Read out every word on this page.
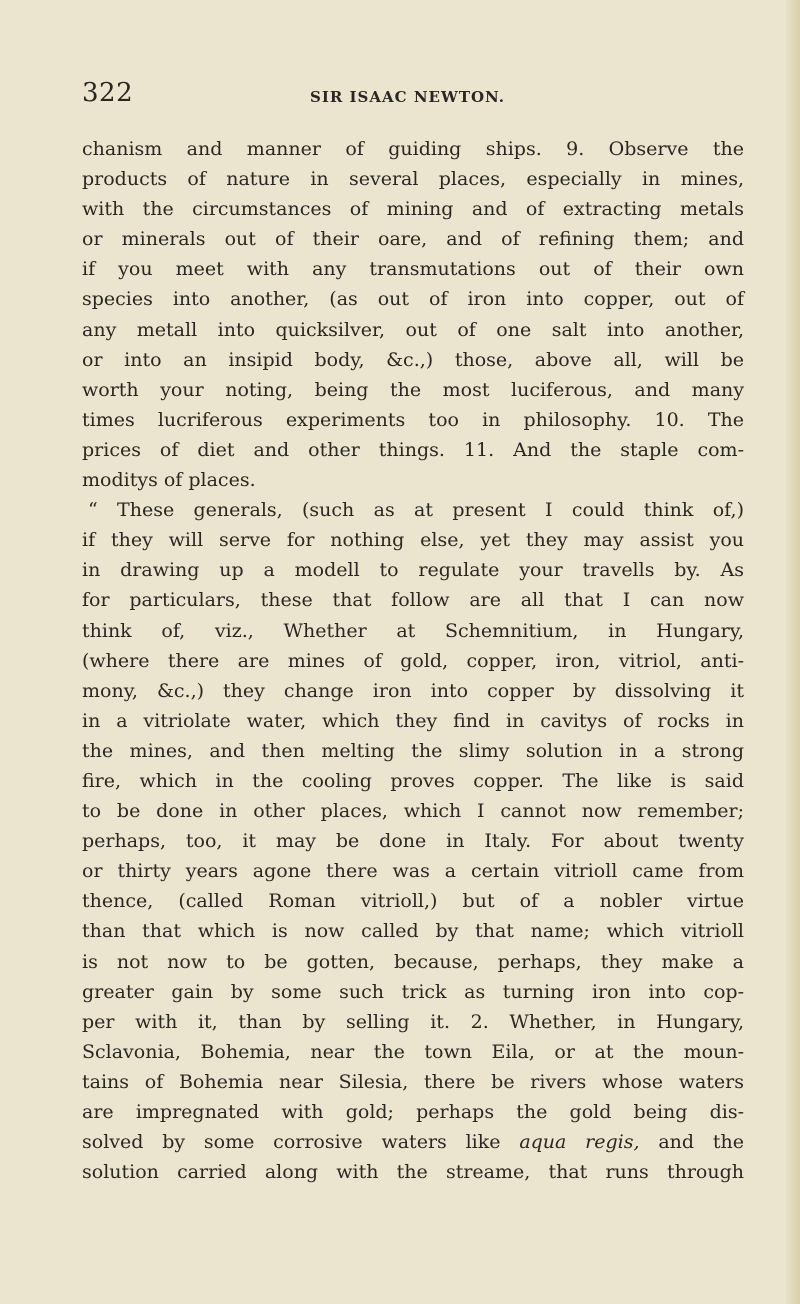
322	SIR ISAAC NEWTON.
chanism and manner of guiding ships. 9. Observe the
products of nature in several places, especially in mines,
with the circumstances of mining and of extracting metals
or minerals out of their oare, and of refining them; and
if you meet with any transmutations out of their own
species into another, (as out of iron into copper, out of
any metall into quicksilver, out of one salt into another,
or into an insipid body, &c.,) those, above all, will be
worth your noting, being the most luciferous, and many
times lucriferous experiments too in philosophy. 10. The
prices of diet and other things. 11. And the staple com-
moditys of places.
“ These generals, (such as at present I could think of,)
if they will serve for nothing else, yet they may assist you
in drawing up a modell to regulate your travells by. As
for particulars, these that follow are all that I can now
think of, viz., Whether at Schemnitium, in Hungary,
(where there are mines of gold, copper, iron, vitriol, anti-
mony, &c.,) they change iron into copper by dissolving it
in a vitriolate water, which they find in cavitys of rocks in
the mines, and then melting the slimy solution in a strong
fire, which in the cooling proves copper. The like is said
to be done in other places, which I cannot now remember;
perhaps, too, it may be done in Italy. For about twenty
or thirty years agone there was a certain vitrioll came from
thence, (called Roman vitrioll,) but of a nobler virtue
than that which is now called by that name; which vitrioll
is not now to be gotten, because, perhaps, they make a
greater gain by some such trick as turning iron into cop-
per with it, than by selling it. 2. Whether, in Hungary,
Sclavonia, Bohemia, near the town Eila, or at the moun-
tains of Bohemia near Silesia, there be rivers whose waters
are impregnated with gold; perhaps the gold being dis-
solved by some corrosive waters like aqua regis, and the
solution carried along with the streame, that runs through
